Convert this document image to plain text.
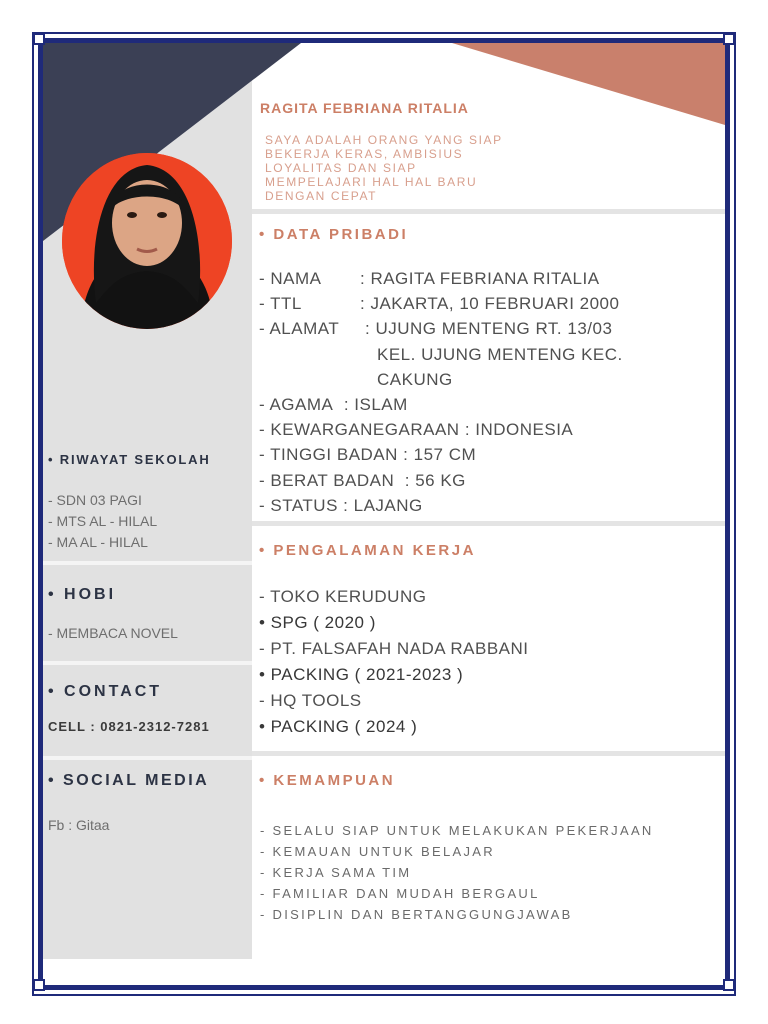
RAGITA FEBRIANA RITALIA
SAYA ADALAH ORANG YANG SIAP
BEKERJA KERAS, AMBISIUS
LOYALITAS DAN SIAP
MEMPELAJARI HAL HAL BARU
DENGAN CEPAT
• DATA PRIBADI
- NAMA : RAGITA FEBRIANA RITALIA
- TTL	: JAKARTA, 10 FEBRUARI 2000
- ALAMAT : UJUNG MENTENG RT. 13/03
KEL. UJUNG MENTENG KEC.
CAKUNG
- AGAMA : ISLAM
- KEWARGANEGARAAN : INDONESIA
- TINGGI BADAN : 157 CM
- BERAT BADAN : 56 KG
- STATUS : LAJANG
• PENGALAMAN KERJA
- TOKO KERUDUNG
• SPG ( 2020 )
- PT. FALSAFAH NADA RABBANI
• PACKING ( 2021-2023 )
- HQ TOOLS
• PACKING ( 2024 )
• KEMAMPUAN
- SELALU SIAP UNTUK MELAKUKAN PEKERJAAN
- KEMAUAN UNTUK BELAJAR
- KERJA SAMA TIM
- FAMILIAR DAN MUDAH BERGAUL
- DISIPLIN DAN BERTANGGUNGJAWAB
• RIWAYAT SEKOLAH
- SDN 03 PAGI
- MTS AL - HILAL
- MA AL - HILAL
• HOBI
- MEMBACA NOVEL
• CONTACT
CELL : 0821-2312-7281
• SOCIAL MEDIA
Fb : Gitaa
